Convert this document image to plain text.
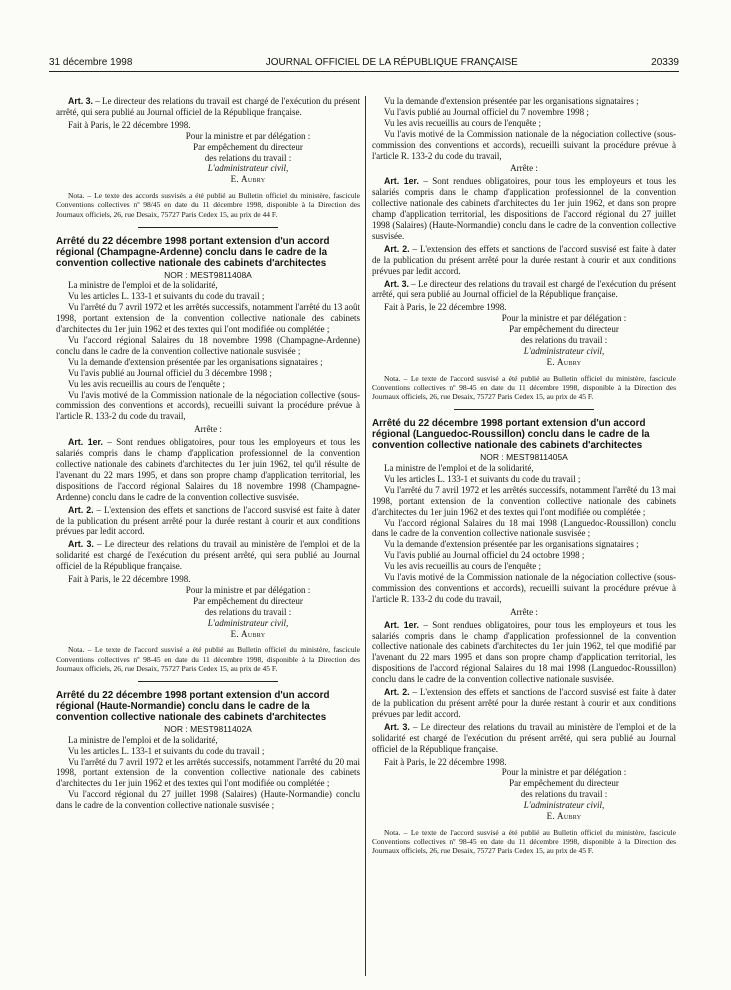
31 décembre 1998	JOURNAL OFFICIEL DE LA RÉPUBLIQUE FRANÇAISE	20339

Art. 3. – Le directeur des relations du travail est chargé de l'exécution du présent arrêté, qui sera publié au Journal officiel de la République française.

Fait à Paris, le 22 décembre 1998.

Pour la ministre et par délégation :
Par empêchement du directeur
des relations du travail :
L'administrateur civil,
E. Aubry

Nota. – Le texte des accords susvisés a été publié au Bulletin officiel du ministère, fascicule Conventions collectives nº 98/45 en date du 11 décembre 1998, disponible à la Direction des Journaux officiels, 26, rue Desaix, 75727 Paris Cedex 15, au prix de 44 F.

Arrêté du 22 décembre 1998 portant extension d'un accord régional (Champagne-Ardenne) conclu dans le cadre de la convention collective nationale des cabinets d'architectes

NOR : MEST9811408A

La ministre de l'emploi et de la solidarité,

Vu les articles L. 133-1 et suivants du code du travail ;

Vu l'arrêté du 7 avril 1972 et les arrêtés successifs, notamment l'arrêté du 13 août 1998, portant extension de la convention collective nationale des cabinets d'architectes du 1er juin 1962 et des textes qui l'ont modifiée ou complétée ;

Vu l'accord régional Salaires du 18 novembre 1998 (Champagne-Ardenne) conclu dans le cadre de la convention collective nationale susvisée ;

Vu la demande d'extension présentée par les organisations signataires ;

Vu l'avis publié au Journal officiel du 3 décembre 1998 ;

Vu les avis recueillis au cours de l'enquête ;

Vu l'avis motivé de la Commission nationale de la négociation collective (sous-commission des conventions et accords), recueilli suivant la procédure prévue à l'article R. 133-2 du code du travail,

Arrête :

Art. 1er. – Sont rendues obligatoires, pour tous les employeurs et tous les salariés compris dans le champ d'application professionnel de la convention collective nationale des cabinets d'architectes du 1er juin 1962, tel qu'il résulte de l'avenant du 22 mars 1995, et dans son propre champ d'application territorial, les dispositions de l'accord régional Salaires du 18 novembre 1998 (Champagne-Ardenne) conclu dans le cadre de la convention collective susvisée.

Art. 2. – L'extension des effets et sanctions de l'accord susvisé est faite à dater de la publication du présent arrêté pour la durée restant à courir et aux conditions prévues par ledit accord.

Art. 3. – Le directeur des relations du travail au ministère de l'emploi et de la solidarité est chargé de l'exécution du présent arrêté, qui sera publié au Journal officiel de la République française.

Fait à Paris, le 22 décembre 1998.

Pour la ministre et par délégation :
Par empêchement du directeur
des relations du travail :
L'administrateur civil,
E. Aubry

Nota. – Le texte de l'accord susvisé a été publié au Bulletin officiel du ministère, fascicule Conventions collectives nº 98-45 en date du 11 décembre 1998, disponible à la Direction des Journaux officiels, 26, rue Desaix, 75727 Paris Cedex 15, au prix de 45 F.

Arrêté du 22 décembre 1998 portant extension d'un accord régional (Haute-Normandie) conclu dans le cadre de la convention collective nationale des cabinets d'architectes

NOR : MEST9811402A

La ministre de l'emploi et de la solidarité,

Vu les articles L. 133-1 et suivants du code du travail ;

Vu l'arrêté du 7 avril 1972 et les arrêtés successifs, notamment l'arrêté du 20 mai 1998, portant extension de la convention collective nationale des cabinets d'architectes du 1er juin 1962 et des textes qui l'ont modifiée ou complétée ;

Vu l'accord régional du 27 juillet 1998 (Salaires) (Haute-Normandie) conclu dans le cadre de la convention collective nationale susvisée ;

Vu la demande d'extension présentée par les organisations signataires ;

Vu l'avis publié au Journal officiel du 7 novembre 1998 ;

Vu les avis recueillis au cours de l'enquête ;

Vu l'avis motivé de la Commission nationale de la négociation collective (sous-commission des conventions et accords), recueilli suivant la procédure prévue à l'article R. 133-2 du code du travail,

Arrête :

Art. 1er. – Sont rendues obligatoires, pour tous les employeurs et tous les salariés compris dans le champ d'application professionnel de la convention collective nationale des cabinets d'architectes du 1er juin 1962, et dans son propre champ d'application territorial, les dispositions de l'accord régional du 27 juillet 1998 (Salaires) (Haute-Normandie) conclu dans le cadre de la convention collective susvisée.

Art. 2. – L'extension des effets et sanctions de l'accord susvisé est faite à dater de la publication du présent arrêté pour la durée restant à courir et aux conditions prévues par ledit accord.

Art. 3. – Le directeur des relations du travail est chargé de l'exécution du présent arrêté, qui sera publié au Journal officiel de la République française.

Fait à Paris, le 22 décembre 1998.

Pour la ministre et par délégation :
Par empêchement du directeur
des relations du travail :
L'administrateur civil,
E. Aubry

Nota. – Le texte de l'accord susvisé a été publié au Bulletin officiel du ministère, fascicule Conventions collectives nº 98-45 en date du 11 décembre 1998, disponible à la Direction des Journaux officiels, 26, rue Desaix, 75727 Paris Cedex 15, au prix de 45 F.

Arrêté du 22 décembre 1998 portant extension d'un accord régional (Languedoc-Roussillon) conclu dans le cadre de la convention collective nationale des cabinets d'architectes

NOR : MEST9811405A

La ministre de l'emploi et de la solidarité,

Vu les articles L. 133-1 et suivants du code du travail ;

Vu l'arrêté du 7 avril 1972 et les arrêtés successifs, notamment l'arrêté du 13 mai 1998, portant extension de la convention collective nationale des cabinets d'architectes du 1er juin 1962 et des textes qui l'ont modifiée ou complétée ;

Vu l'accord régional Salaires du 18 mai 1998 (Languedoc-Roussillon) conclu dans le cadre de la convention collective nationale susvisée ;

Vu la demande d'extension présentée par les organisations signataires ;

Vu l'avis publié au Journal officiel du 24 octobre 1998 ;

Vu les avis recueillis au cours de l'enquête ;

Vu l'avis motivé de la Commission nationale de la négociation collective (sous-commission des conventions et accords), recueilli suivant la procédure prévue à l'article R. 133-2 du code du travail,

Arrête :

Art. 1er. – Sont rendues obligatoires, pour tous les employeurs et tous les salariés compris dans le champ d'application professionnel de la convention collective nationale des cabinets d'architectes du 1er juin 1962, tel que modifié par l'avenant du 22 mars 1995 et dans son propre champ d'application territorial, les dispositions de l'accord régional Salaires du 18 mai 1998 (Languedoc-Roussillon) conclu dans le cadre de la convention collective nationale susvisée.

Art. 2. – L'extension des effets et sanctions de l'accord susvisé est faite à dater de la publication du présent arrêté pour la durée restant à courir et aux conditions prévues par ledit accord.

Art. 3. – Le directeur des relations du travail au ministère de l'emploi et de la solidarité est chargé de l'exécution du présent arrêté, qui sera publié au Journal officiel de la République française.

Fait à Paris, le 22 décembre 1998.

Pour la ministre et par délégation :
Par empêchement du directeur
des relations du travail :
L'administrateur civil,
E. Aubry

Nota. – Le texte de l'accord susvisé a été publié au Bulletin officiel du ministère, fascicule Conventions collectives nº 98-45 en date du 11 décembre 1998, disponible à la Direction des Journaux officiels, 26, rue Desaix, 75727 Paris Cedex 15, au prix de 45 F.
